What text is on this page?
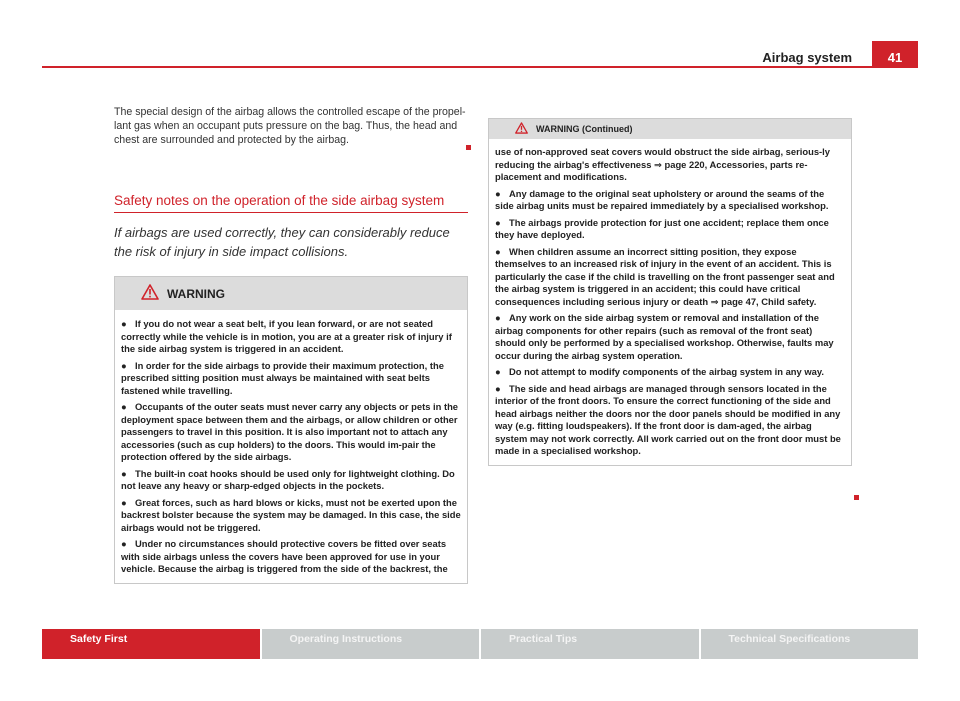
Airbag system	41

The special design of the airbag allows the controlled escape of the propel-lant gas when an occupant puts pressure on the bag. Thus, the head and chest are surrounded and protected by the airbag.

Safety notes on the operation of the side airbag system
If airbags are used correctly, they can considerably reduce the risk of injury in side impact collisions.
WARNING

● If you do not wear a seat belt, if you lean forward, or are not seated correctly while the vehicle is in motion, you are at a greater risk of injury if the side airbag system is triggered in an accident.

● In order for the side airbags to provide their maximum protection, the prescribed sitting position must always be maintained with seat belts fastened while travelling.

● Occupants of the outer seats must never carry any objects or pets in the deployment space between them and the airbags, or allow children or other passengers to travel in this position. It is also important not to attach any accessories (such as cup holders) to the doors. This would im-pair the protection offered by the side airbags.

● The built-in coat hooks should be used only for lightweight clothing. Do not leave any heavy or sharp-edged objects in the pockets.

● Great forces, such as hard blows or kicks, must not be exerted upon the backrest bolster because the system may be damaged. In this case, the side airbags would not be triggered.

● Under no circumstances should protective covers be fitted over seats with side airbags unless the covers have been approved for use in your vehicle. Because the airbag is triggered from the side of the backrest, the

WARNING (Continued)

use of non-approved seat covers would obstruct the side airbag, serious-ly reducing the airbag's effectiveness ⇒ page 220, Accessories, parts re-placement and modifications.

● Any damage to the original seat upholstery or around the seams of the side airbag units must be repaired immediately by a specialised workshop.

● The airbags provide protection for just one accident; replace them once they have deployed.

● When children assume an incorrect sitting position, they expose themselves to an increased risk of injury in the event of an accident. This is particularly the case if the child is travelling on the front passenger seat and the airbag system is triggered in an accident; this could have critical consequences including serious injury or death ⇒ page 47, Child safety.

● Any work on the side airbag system or removal and installation of the airbag components for other repairs (such as removal of the front seat) should only be performed by a specialised workshop. Otherwise, faults may occur during the airbag system operation.

● Do not attempt to modify components of the airbag system in any way.

● The side and head airbags are managed through sensors located in the interior of the front doors. To ensure the correct functioning of the side and head airbags neither the doors nor the door panels should be modified in any way (e.g. fitting loudspeakers). If the front door is dam-aged, the airbag system may not work correctly. All work carried out on the front door must be made in a specialised workshop.

Safety First	Operating Instructions	Practical Tips	Technical Specifications
